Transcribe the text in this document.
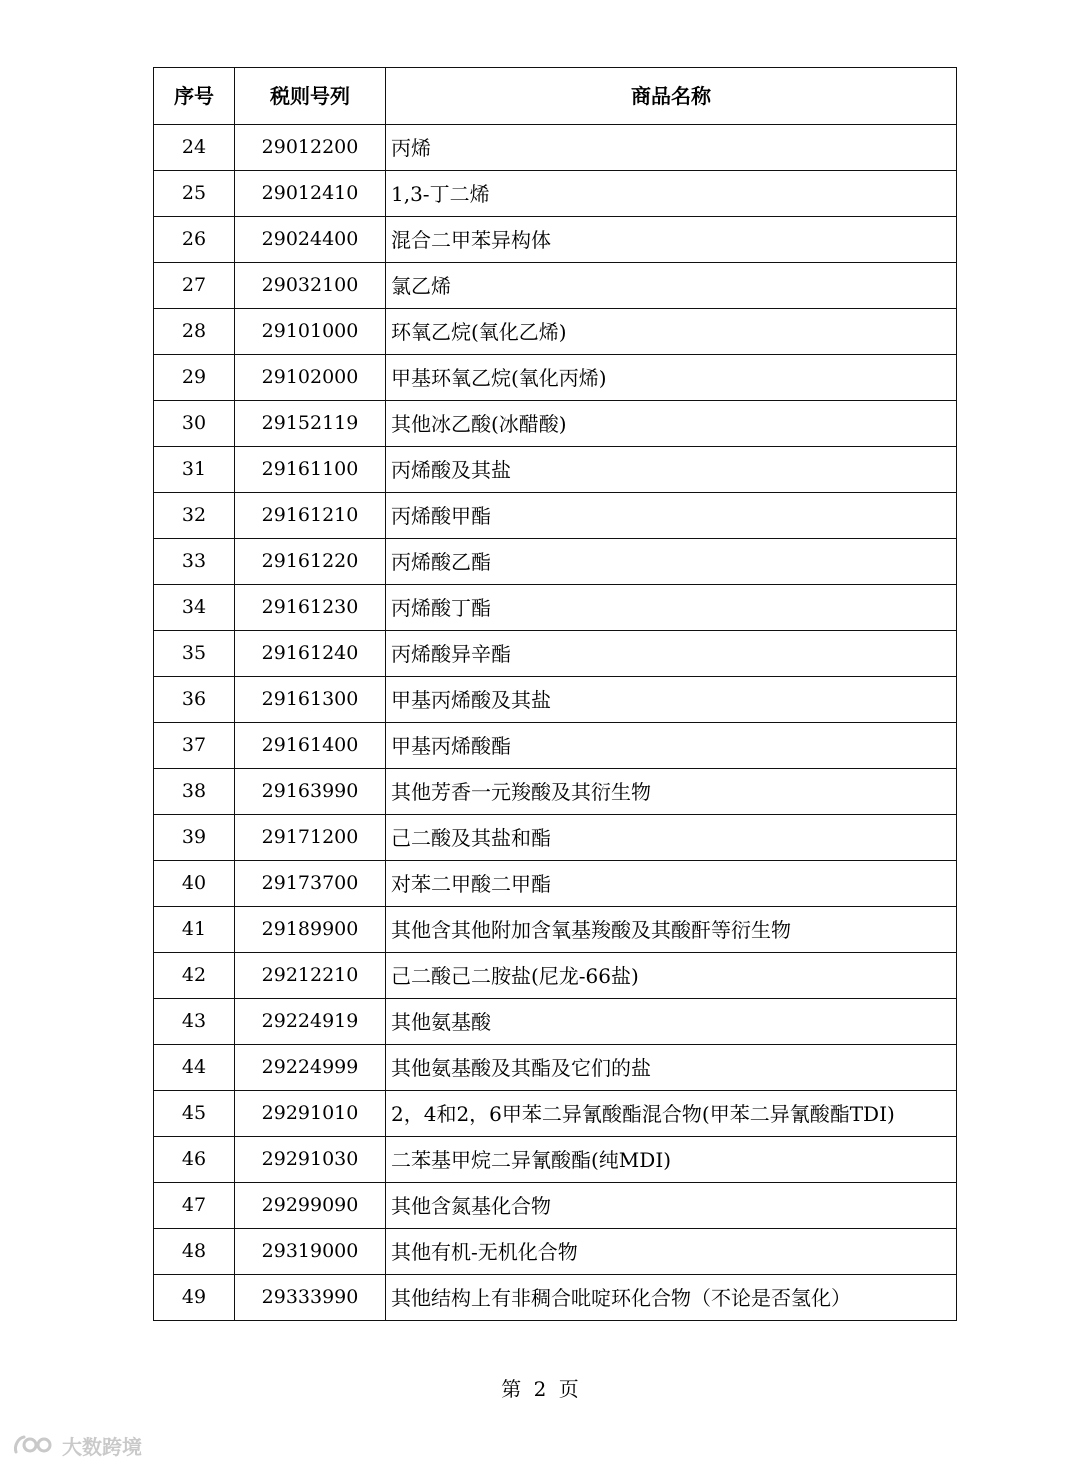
序号	税则号列	商品名称
24	29012200	丙烯
25	29012410	1,3-丁二烯
26	29024400	混合二甲苯异构体
27	29032100	氯乙烯
28	29101000	环氧乙烷(氧化乙烯)
29	29102000	甲基环氧乙烷(氧化丙烯)
30	29152119	其他冰乙酸(冰醋酸)
31	29161100	丙烯酸及其盐
32	29161210	丙烯酸甲酯
33	29161220	丙烯酸乙酯
34	29161230	丙烯酸丁酯
35	29161240	丙烯酸异辛酯
36	29161300	甲基丙烯酸及其盐
37	29161400	甲基丙烯酸酯
38	29163990	其他芳香一元羧酸及其衍生物
39	29171200	己二酸及其盐和酯
40	29173700	对苯二甲酸二甲酯
41	29189900	其他含其他附加含氧基羧酸及其酸酐等衍生物
42	29212210	己二酸己二胺盐(尼龙-66盐)
43	29224919	其他氨基酸
44	29224999	其他氨基酸及其酯及它们的盐
45	29291010	2，4和2，6甲苯二异氰酸酯混合物(甲苯二异氰酸酯TDI)
46	29291030	二苯基甲烷二异氰酸酯(纯MDI)
47	29299090	其他含氮基化合物
48	29319000	其他有机-无机化合物
49	29333990	其他结构上有非稠合吡啶环化合物（不论是否氢化）
第 2 页
大数跨境
